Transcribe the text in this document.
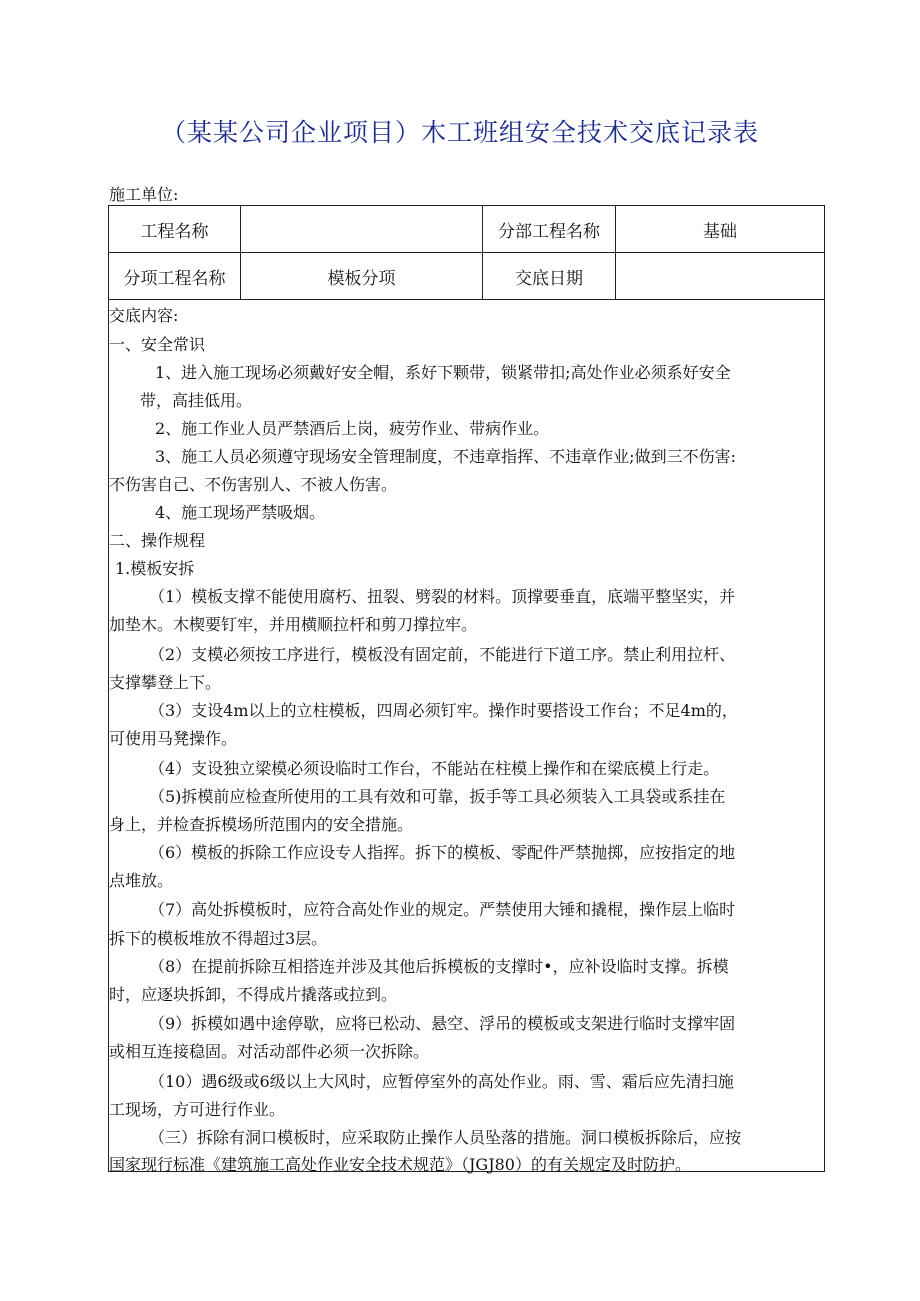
（某某公司企业项目）木工班组安全技术交底记录表
施工单位:
工程名称		分部工程名称	基础
分项工程名称	模板分项	交底日期	
交底内容:
一、安全常识
1、进入施工现场必须戴好安全帽，系好下颗带，锁紧带扣;高处作业必须系好安全
带，高挂低用。
2、施工作业人员严禁酒后上岗，疲劳作业、带病作业。
3、施工人员必须遵守现场安全管理制度，不违章指挥、不违章作业;做到三不伤害:
不伤害自己、不伤害别人、不被人伤害。
4、施工现场严禁吸烟。
二、操作规程
1.模板安拆
（1）模板支撑不能使用腐朽、扭裂、劈裂的材料。顶撑要垂直，底端平整坚实，并
加垫木。木楔要钉牢，并用横顺拉杆和剪刀撑拉牢。
（2）支模必须按工序进行，模板没有固定前，不能进行下道工序。禁止利用拉杆、
支撑攀登上下。
（3）支设4m以上的立柱模板，四周必须钉牢。操作时要搭设工作台；不足4m的，
可使用马凳操作。
（4）支设独立梁模必须设临时工作台，不能站在柱模上操作和在梁底模上行走。
（5)拆模前应检查所使用的工具有效和可靠，扳手等工具必须装入工具袋或系挂在
身上，并检查拆模场所范围内的安全措施。
（6）模板的拆除工作应设专人指挥。拆下的模板、零配件严禁抛掷，应按指定的地
点堆放。
（7）高处拆模板时，应符合高处作业的规定。严禁使用大锤和撬棍，操作层上临时
拆下的模板堆放不得超过3层。
（8）在提前拆除互相搭连并涉及其他后拆模板的支撑时•，应补设临时支撑。拆模
时，应逐块拆卸，不得成片撬落或拉到。
（9）拆模如遇中途停歇，应将已松动、悬空、浮吊的模板或支架进行临时支撑牢固
或相互连接稳固。对活动部件必须一次拆除。
（10）遇6级或6级以上大风时，应暂停室外的高处作业。雨、雪、霜后应先清扫施
工现场，方可进行作业。
（三）拆除有洞口模板时，应采取防止操作人员坠落的措施。洞口模板拆除后，应按
国家现行标准《建筑施工高处作业安全技术规范》（JGJ80）的有关规定及时防护。
